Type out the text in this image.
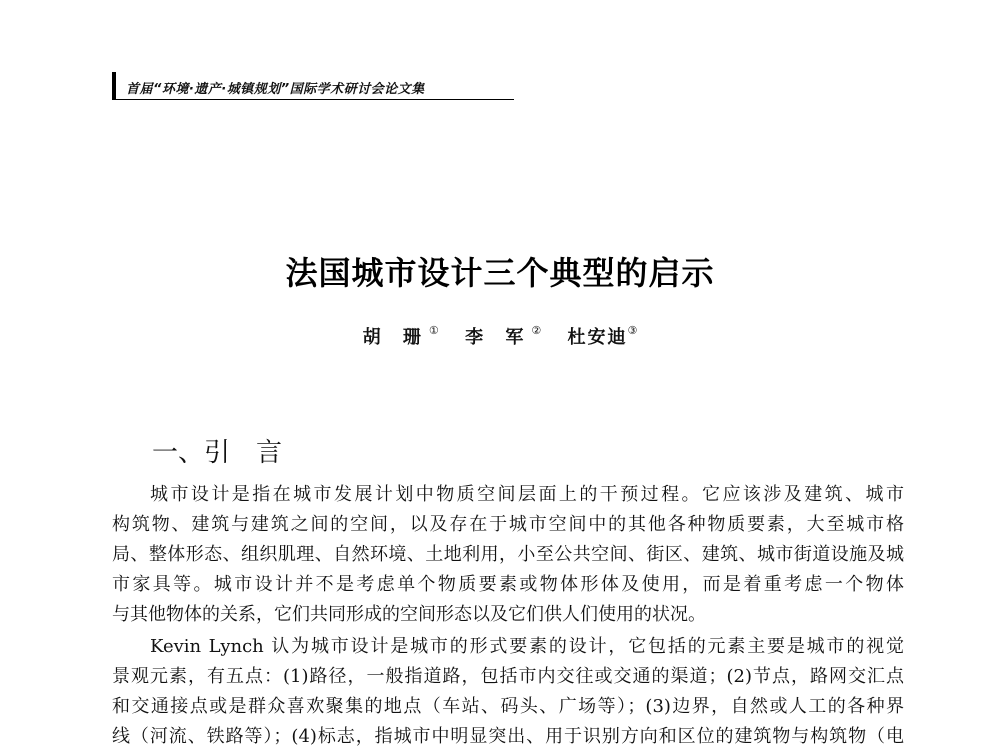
首届“环境·遗产·城镇规划”国际学术研讨会论文集
法国城市设计三个典型的启示
胡 珊① 李 军② 杜安迪③
一、引 言
城市设计是指在城市发展计划中物质空间层面上的干预过程。它应该涉及建筑、城市
构筑物、建筑与建筑之间的空间，以及存在于城市空间中的其他各种物质要素，大至城市格
局、整体形态、组织肌理、自然环境、土地利用，小至公共空间、街区、建筑、城市街道设施及城
市家具等。城市设计并不是考虑单个物质要素或物体形体及使用，而是着重考虑一个物体
与其他物体的关系，它们共同形成的空间形态以及它们供人们使用的状况。
Kevin Lynch 认为城市设计是城市的形式要素的设计，它包括的元素主要是城市的视觉
景观元素，有五点：(1)路径，一般指道路，包括市内交往或交通的渠道；(2)节点，路网交汇点
和交通接点或是群众喜欢聚集的地点（车站、码头、广场等）；(3)边界，自然或人工的各种界
线（河流、铁路等）；(4)标志，指城市中明显突出、用于识别方向和区位的建筑物与构筑物（电
